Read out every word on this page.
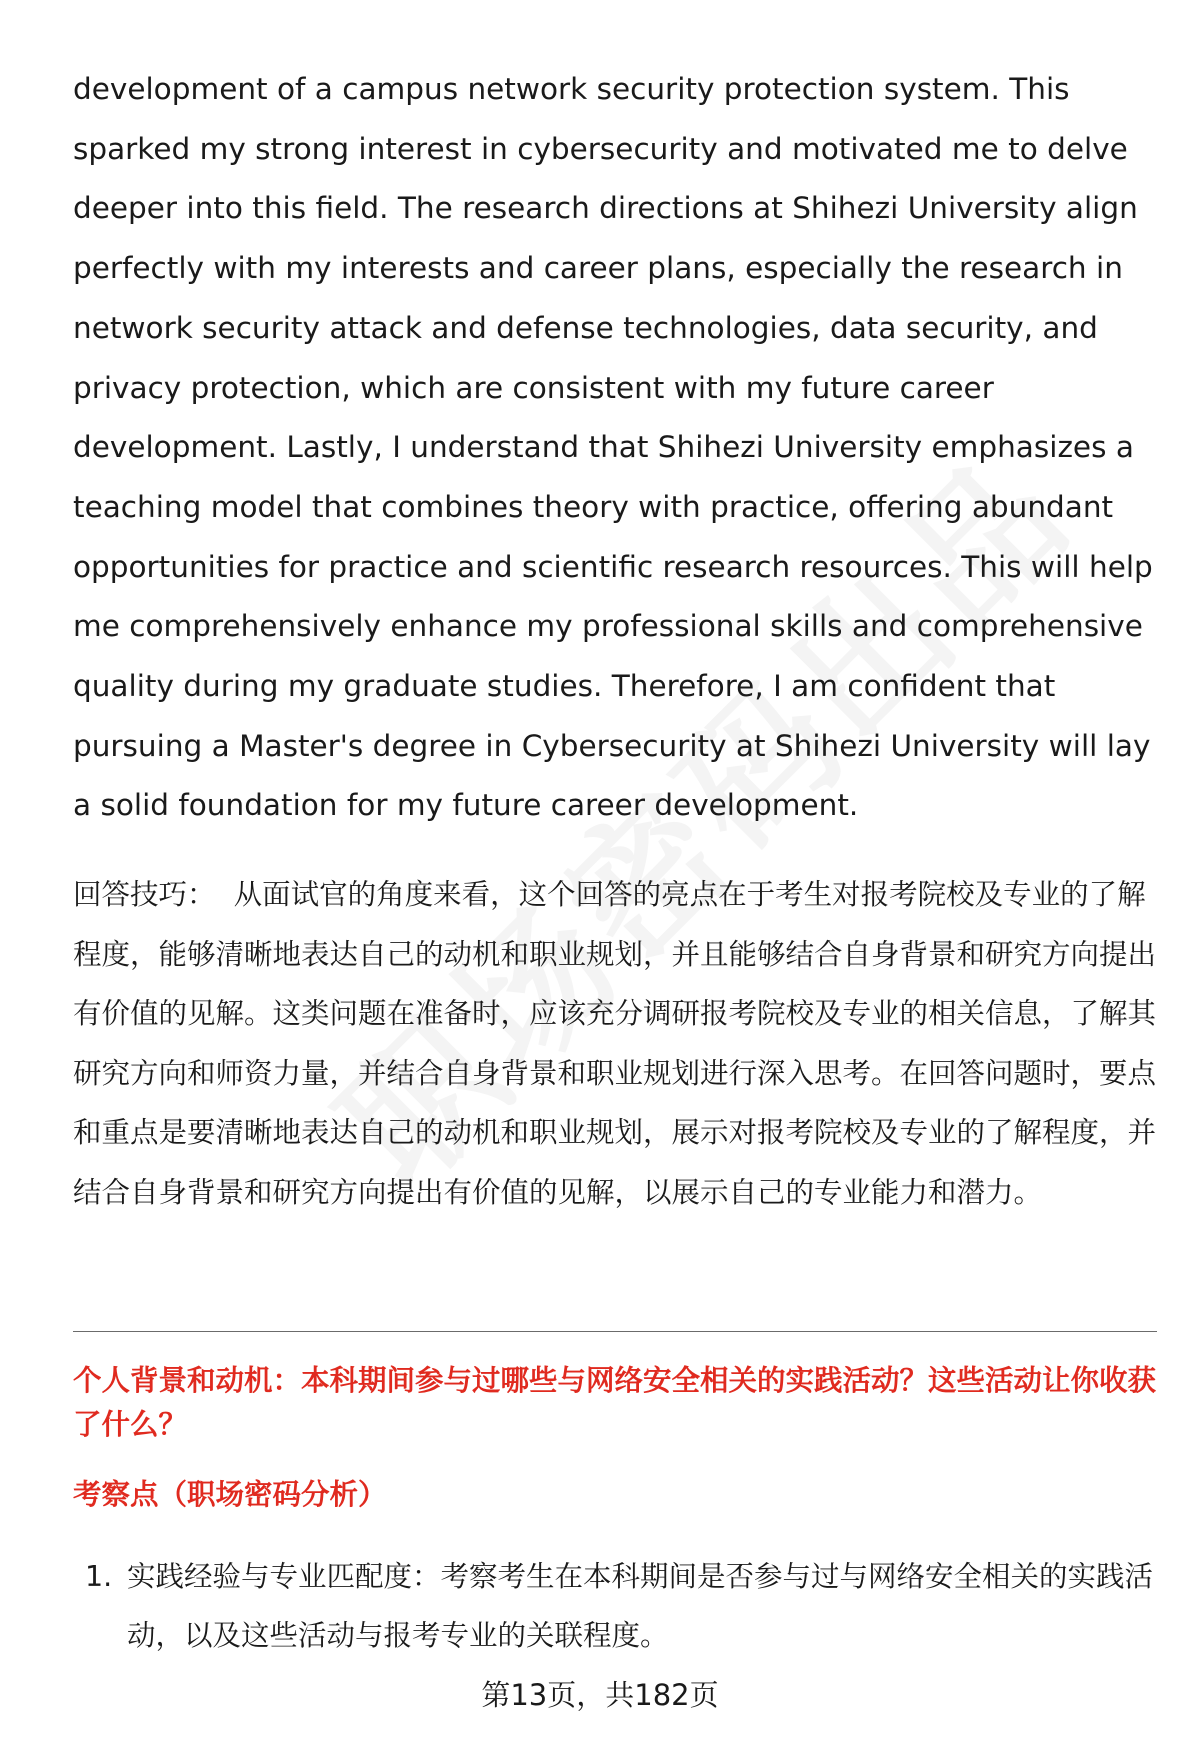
development of a campus network security protection system. This sparked my strong interest in cybersecurity and motivated me to delve deeper into this field. The research directions at Shihezi University align perfectly with my interests and career plans, especially the research in network security attack and defense technologies, data security, and privacy protection, which are consistent with my future career development. Lastly, I understand that Shihezi University emphasizes a teaching model that combines theory with practice, offering abundant opportunities for practice and scientific research resources. This will help me comprehensively enhance my professional skills and comprehensive quality during my graduate studies. Therefore, I am confident that pursuing a Master's degree in Cybersecurity at Shihezi University will lay a solid foundation for my future career development.

回答技巧： 从面试官的角度来看，这个回答的亮点在于考生对报考院校及专业的了解程度，能够清晰地表达自己的动机和职业规划，并且能够结合自身背景和研究方向提出有价值的见解。这类问题在准备时，应该充分调研报考院校及专业的相关信息，了解其研究方向和师资力量，并结合自身背景和职业规划进行深入思考。在回答问题时，要点和重点是要清晰地表达自己的动机和职业规划，展示对报考院校及专业的了解程度，并结合自身背景和研究方向提出有价值的见解，以展示自己的专业能力和潜力。

个人背景和动机：本科期间参与过哪些与网络安全相关的实践活动？这些活动让你收获了什么？

考察点（职场密码分析）

1. 实践经验与专业匹配度：考察考生在本科期间是否参与过与网络安全相关的实践活动，以及这些活动与报考专业的关联程度。
第13页，共182页
